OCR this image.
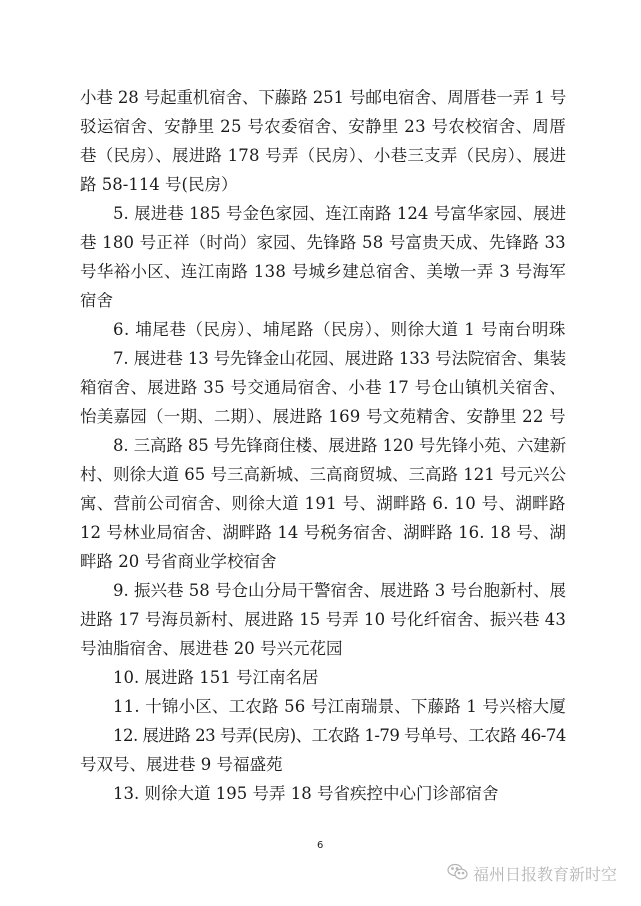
小巷 28 号起重机宿舍、下藤路 251 号邮电宿舍、周厝巷一弄 1 号
驳运宿舍、安静里 25 号农委宿舍、安静里 23 号农校宿舍、周厝
巷（民房）、展进路 178 号弄（民房）、小巷三支弄（民房）、展进
路 58-114 号(民房）
5. 展进巷 185 号金色家园、连江南路 124 号富华家园、展进
巷 180 号正祥（时尚）家园、先锋路 58 号富贵天成、先锋路 33
号华裕小区、连江南路 138 号城乡建总宿舍、美墩一弄 3 号海军
宿舍
6. 埔尾巷（民房）、埔尾路（民房）、则徐大道 1 号南台明珠
7. 展进巷 13 号先锋金山花园、展进路 133 号法院宿舍、集装
箱宿舍、展进路 35 号交通局宿舍、小巷 17 号仓山镇机关宿舍、
怡美嘉园（一期、二期）、展进路 169 号文苑精舍、安静里 22 号
8. 三高路 85 号先锋商住楼、展进路 120 号先锋小苑、六建新
村、则徐大道 65 号三高新城、三高商贸城、三高路 121 号元兴公
寓、营前公司宿舍、则徐大道 191 号、湖畔路 6. 10 号、湖畔路
12 号林业局宿舍、湖畔路 14 号税务宿舍、湖畔路 16. 18 号、湖
畔路 20 号省商业学校宿舍
9. 振兴巷 58 号仓山分局干警宿舍、展进路 3 号台胞新村、展
进路 17 号海员新村、展进路 15 号弄 10 号化纤宿舍、振兴巷 43
号油脂宿舍、展进巷 20 号兴元花园
10. 展进路 151 号江南名居
11. 十锦小区、工农路 56 号江南瑞景、下藤路 1 号兴榕大厦
12. 展进路 23 号弄(民房)、工农路 1-79 号单号、工农路 46-74
号双号、展进巷 9 号福盛苑
13. 则徐大道 195 号弄 18 号省疾控中心门诊部宿舍
6
福州日报教育新时空
